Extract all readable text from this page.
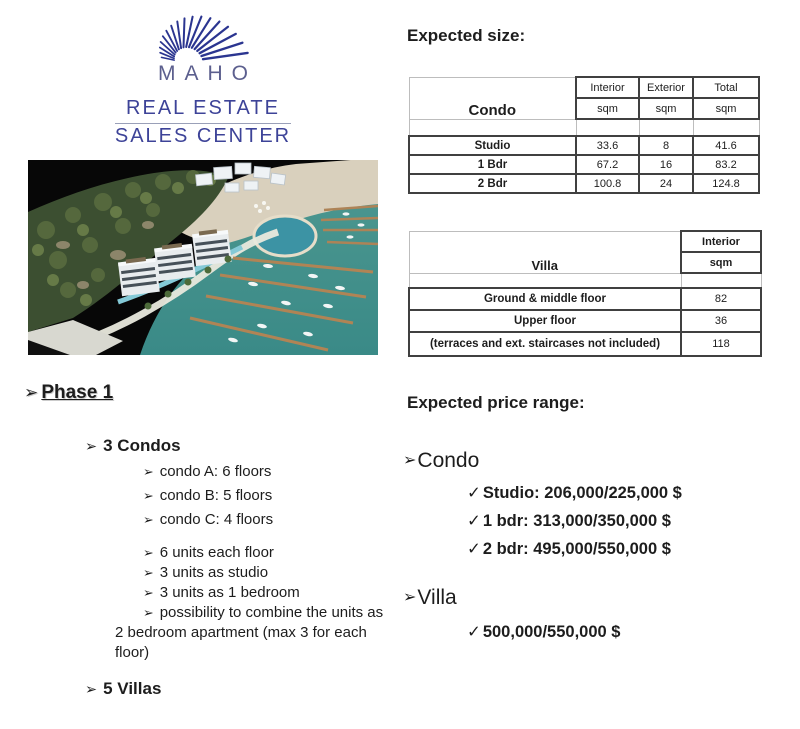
MAHO
REAL ESTATE
SALES CENTER
➢ Phase 1
➢ 3 Condos
➢ condo A: 6 floors
➢ condo B: 5 floors
➢ condo C: 4 floors
➢ 6 units each floor
➢ 3 units as studio
➢ 3 units as 1 bedroom
➢ possibility to combine the units as 2 bedroom apartment (max 3 for each floor)
➢ 5 Villas
Expected size:
Condo	Interior	Exterior	Total
	sqm	sqm	sqm

Studio	33.6	8	41.6
1 Bdr	67.2	16	83.2
2 Bdr	100.8	24	124.8
Villa	Interior
	sqm

Ground & middle floor	82
Upper floor	36
(terraces and ext. staircases not included)	118
Expected price range:
➢Condo
✓ Studio: 206,000/225,000 $
✓ 1 bdr: 313,000/350,000 $
✓ 2 bdr: 495,000/550,000 $
➢Villa
✓ 500,000/550,000 $
